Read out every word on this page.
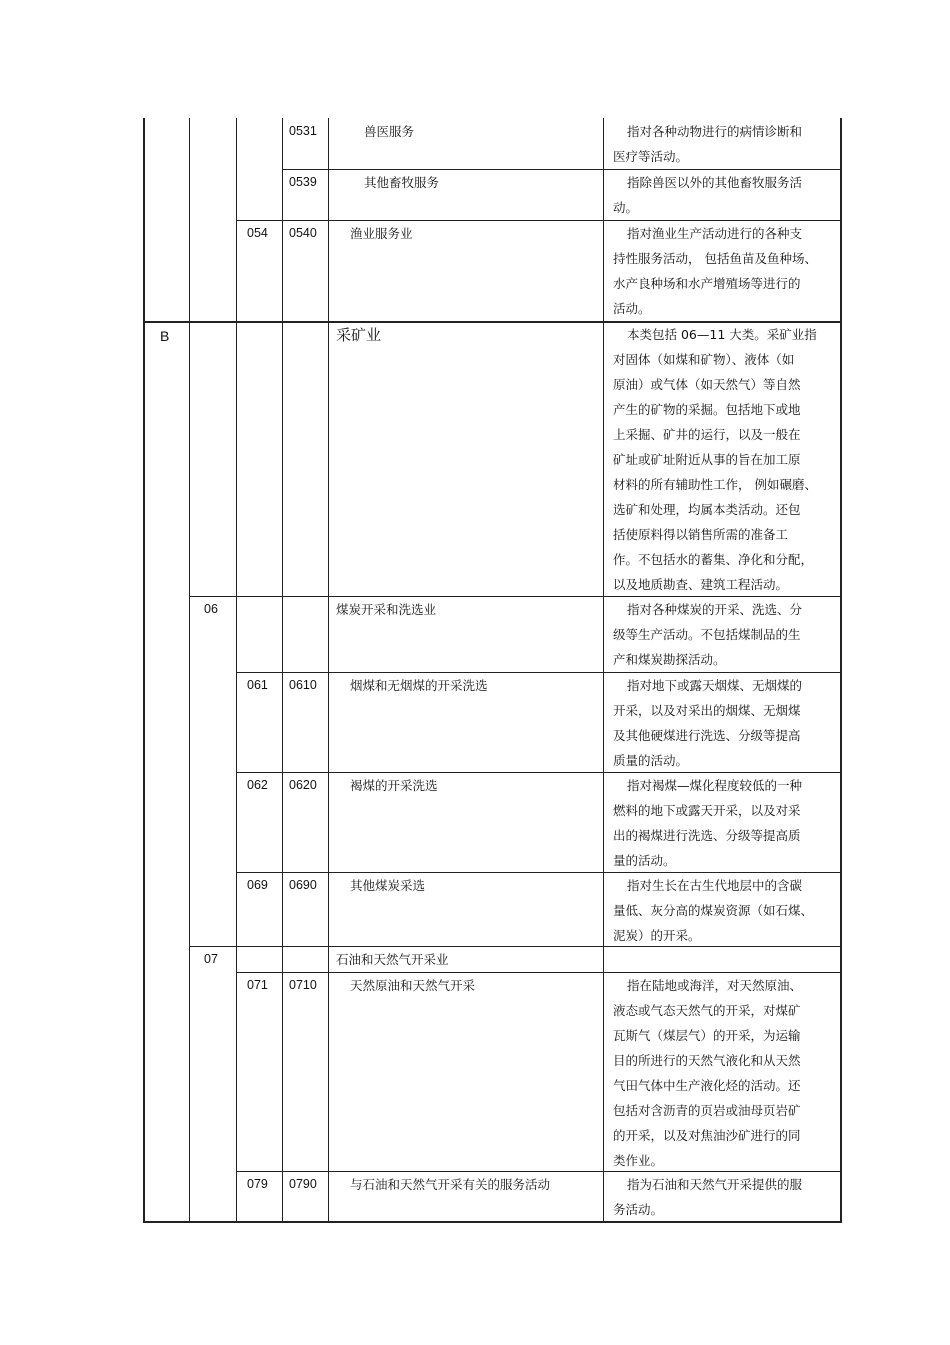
0531	兽医服务	指对各种动物进行的病情诊断和
医疗等活动。
0539	其他畜牧服务	指除兽医以外的其他畜牧服务活
动。
054 0540	渔业服务业	指对渔业生产活动进行的各种支
持性服务活动， 包括鱼苗及鱼种场、
水产良种场和水产增殖场等进行的
活动。
B	采矿业	本类包括 06—11 大类。采矿业指
对固体（如煤和矿物）、液体（如
原油）或气体（如天然气）等自然
产生的矿物的采掘。包括地下或地
上采掘、矿井的运行，以及一般在
矿址或矿址附近从事的旨在加工原
材料的所有辅助性工作， 例如碾磨、
选矿和处理，均属本类活动。还包
括使原料得以销售所需的准备工
作。不包括水的蓄集、净化和分配，
以及地质勘查、建筑工程活动。
06	煤炭开采和洗选业	指对各种煤炭的开采、洗选、分
级等生产活动。不包括煤制品的生
产和煤炭勘探活动。
061 0610	烟煤和无烟煤的开采洗选	指对地下或露天烟煤、无烟煤的
开采，以及对采出的烟煤、无烟煤
及其他硬煤进行洗选、分级等提高
质量的活动。
062 0620	褐煤的开采洗选	指对褐煤—煤化程度较低的一种
燃料的地下或露天开采，以及对采
出的褐煤进行洗选、分级等提高质
量的活动。
069 0690	其他煤炭采选	指对生长在古生代地层中的含碳
量低、灰分高的煤炭资源（如石煤、
泥炭）的开采。
07	石油和天然气开采业
071 0710	天然原油和天然气开采	指在陆地或海洋，对天然原油、
液态或气态天然气的开采，对煤矿
瓦斯气（煤层气）的开采，为运输
目的所进行的天然气液化和从天然
气田气体中生产液化烃的活动。还
包括对含沥青的页岩或油母页岩矿
的开采，以及对焦油沙矿进行的同
类作业。
079 0790	与石油和天然气开采有关的服务活动	指为石油和天然气开采提供的服
务活动。
